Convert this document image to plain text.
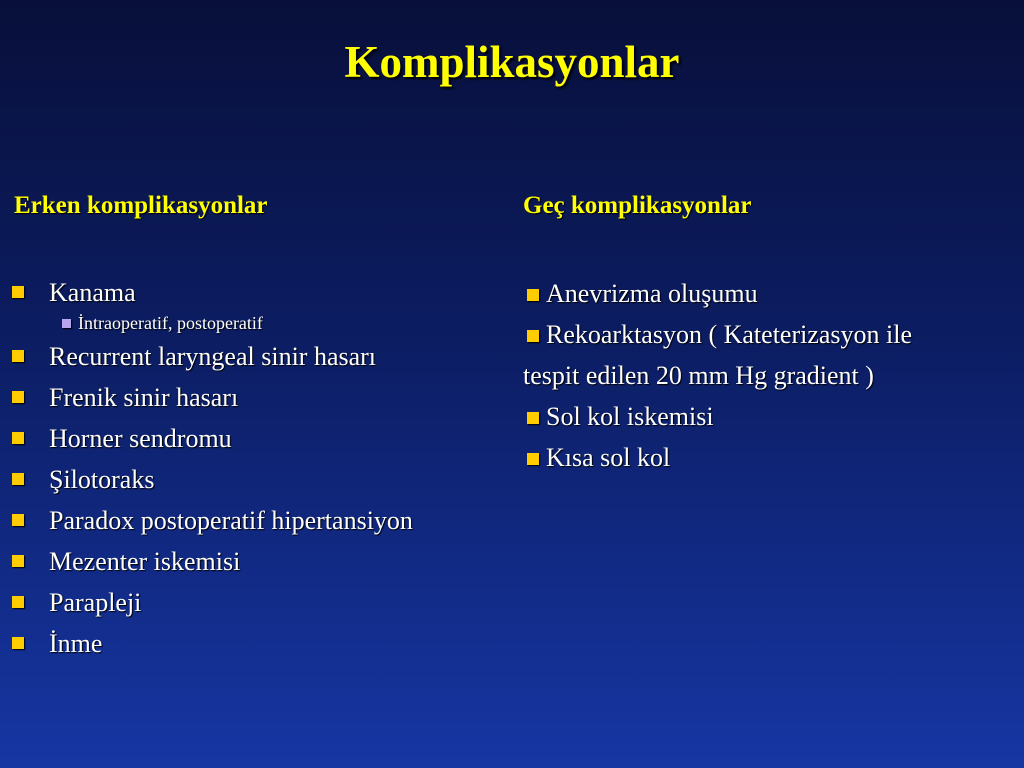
Komplikasyonlar
Erken komplikasyonlar	Geç komplikasyonlar
Kanama
İntraoperatif, postoperatif
Recurrent laryngeal sinir hasarı
Frenik sinir hasarı
Horner sendromu
Şilotoraks
Paradox postoperatif hipertansiyon
Mezenter iskemisi
Parapleji
İnme
Anevrizma oluşumu
Rekoarktasyon ( Kateterizasyon ile
tespit edilen 20 mm Hg gradient )
Sol kol iskemisi
Kısa sol kol
